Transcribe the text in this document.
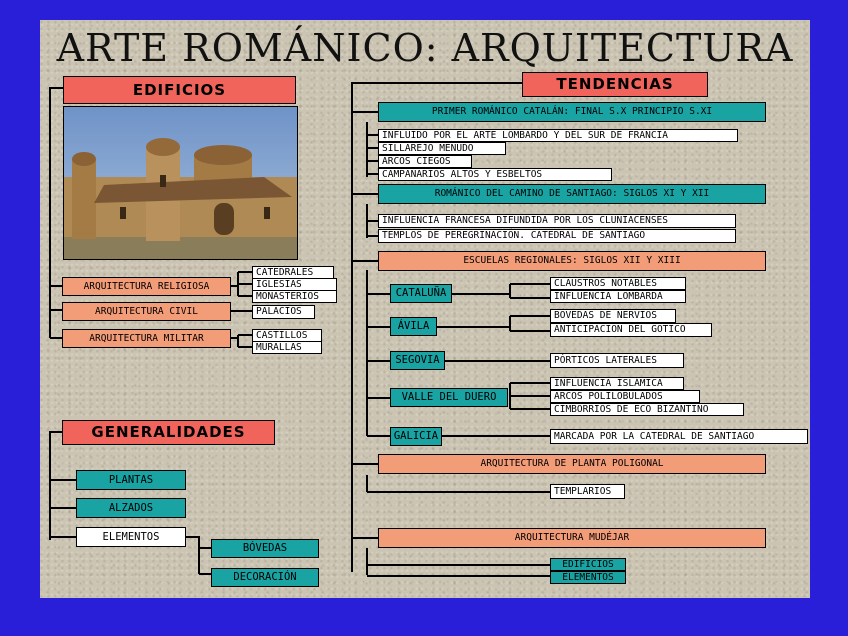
ARTE ROMÁNICO: ARQUITECTURA
EDIFICIOS
ARQUITECTURA RELIGIOSA
CATEDRALES
IGLESIAS
MONASTERIOS
ARQUITECTURA CIVIL	PALACIOS
ARQUITECTURA MILITAR	CASTILLOS
MURALLAS
GENERALIDADES
PLANTAS
ALZADOS
ELEMENTOS
BÓVEDAS
DECORACIÓN
TENDENCIAS
PRIMER ROMÁNICO CATALÁN: FINAL S.X PRINCIPIO S.XI
INFLUIDO POR EL ARTE LOMBARDO Y DEL SUR DE FRANCIA
SILLAREJO MENUDO
ARCOS CIEGOS
CAMPANARIOS ALTOS Y ESBELTOS
ROMÁNICO DEL CAMINO DE SANTIAGO: SIGLOS XI Y XII
INFLUENCIA FRANCESA DIFUNDIDA POR LOS CLUNIACENSES
TEMPLOS DE PEREGRINACIÓN. CATEDRAL DE SANTIAGO
ESCUELAS REGIONALES: SIGLOS XII Y XIII
CATALUÑA
CLAUSTROS NOTABLES
INFLUENCIA LOMBARDA
ÁVILA
BÓVEDAS DE NERVIOS
ANTICIPACIÓN DEL GÓTICO
SEGOVIA	PÓRTICOS LATERALES
VALLE DEL DUERO
INFLUENCIA ISLÁMICA
ARCOS POLILOBULADOS
CIMBORRIOS DE ECO BIZANTINO
GALICIA	MARCADA POR LA CATEDRAL DE SANTIAGO
ARQUITECTURA DE PLANTA POLIGONAL
TEMPLARIOS
ARQUITECTURA MUDÉJAR
EDIFICIOS
ELEMENTOS
